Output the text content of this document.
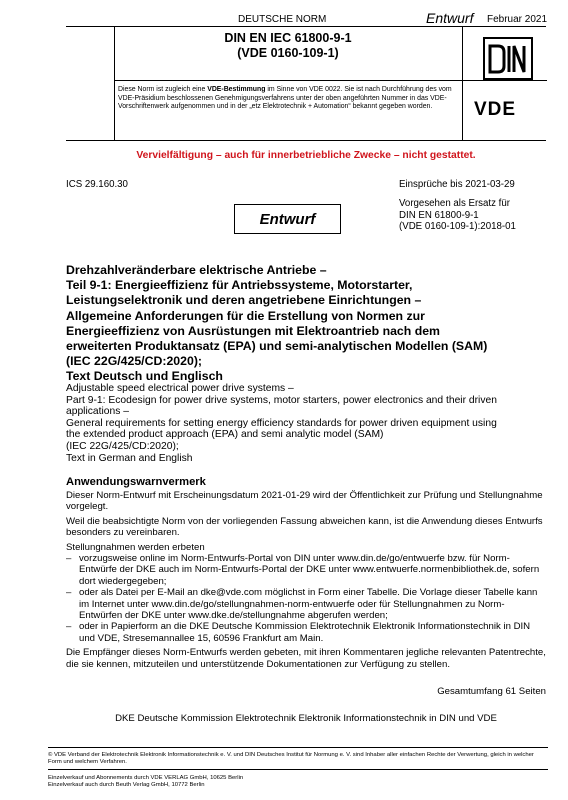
DEUTSCHE NORM	Entwurf Februar 2021
DIN EN IEC 61800-9-1
(VDE 0160-109-1)
Diese Norm ist zugleich eine VDE-Bestimmung im Sinne von VDE 0022. Sie ist nach Durchführung des vom VDE-Präsidium beschlossenen Genehmigungsverfahrens unter der oben angeführten Nummer in das VDE-Vorschriftenwerk aufgenommen und in der „etz Elektrotechnik + Automation“ bekannt gegeben worden.	VDE
Vervielfältigung – auch für innerbetriebliche Zwecke – nicht gestattet.
ICS 29.160.30	Einsprüche bis 2021-03-29
Vorgesehen als Ersatz für
DIN EN 61800-9-1
(VDE 0160-109-1):2018-01
Entwurf
Drehzahlveränderbare elektrische Antriebe –
Teil 9-1: Energieeffizienz für Antriebssysteme, Motorstarter,
Leistungselektronik und deren angetriebene Einrichtungen –
Allgemeine Anforderungen für die Erstellung von Normen zur
Energieeffizienz von Ausrüstungen mit Elektroantrieb nach dem
erweiterten Produktansatz (EPA) und semi-analytischen Modellen (SAM)
(IEC 22G/425/CD:2020);
Text Deutsch und Englisch
Adjustable speed electrical power drive systems –
Part 9-1: Ecodesign for power drive systems, motor starters, power electronics and their driven
applications –
General requirements for setting energy efficiency standards for power driven equipment using
the extended product approach (EPA) and semi analytic model (SAM)
(IEC 22G/425/CD:2020);
Text in German and English
Anwendungswarnvermerk
Dieser Norm-Entwurf mit Erscheinungsdatum 2021-01-29 wird der Öffentlichkeit zur Prüfung und Stellungnahme vorgelegt.
Weil die beabsichtigte Norm von der vorliegenden Fassung abweichen kann, ist die Anwendung dieses Entwurfs besonders zu vereinbaren.
Stellungnahmen werden erbeten
– vorzugsweise online im Norm-Entwurfs-Portal von DIN unter www.din.de/go/entwuerfe bzw. für Norm-Entwürfe der DKE auch im Norm-Entwurfs-Portal der DKE unter www.entwuerfe.normenbibliothek.de, sofern dort wiedergegeben;
– oder als Datei per E-Mail an dke@vde.com möglichst in Form einer Tabelle. Die Vorlage dieser Tabelle kann im Internet unter www.din.de/go/stellungnahmen-norm-entwuerfe oder für Stellungnahmen zu Norm-Entwürfen der DKE unter www.dke.de/stellungnahme abgerufen werden;
– oder in Papierform an die DKE Deutsche Kommission Elektrotechnik Elektronik Informationstechnik in DIN und VDE, Stresemannallee 15, 60596 Frankfurt am Main.
Die Empfänger dieses Norm-Entwurfs werden gebeten, mit ihren Kommentaren jegliche relevanten Patentrechte, die sie kennen, mitzuteilen und unterstützende Dokumentationen zur Verfügung zu stellen.
Gesamtumfang 61 Seiten
DKE Deutsche Kommission Elektrotechnik Elektronik Informationstechnik in DIN und VDE
© VDE Verband der Elektrotechnik Elektronik Informationstechnik e. V. und DIN Deutsches Institut für Normung e. V. sind Inhaber aller einfachen Rechte der Verwertung, gleich in welcher Form und welchem Verfahren.
Einzelverkauf und Abonnements durch VDE VERLAG GmbH, 10625 Berlin
Einzelverkauf auch durch Beuth Verlag GmbH, 10772 Berlin
